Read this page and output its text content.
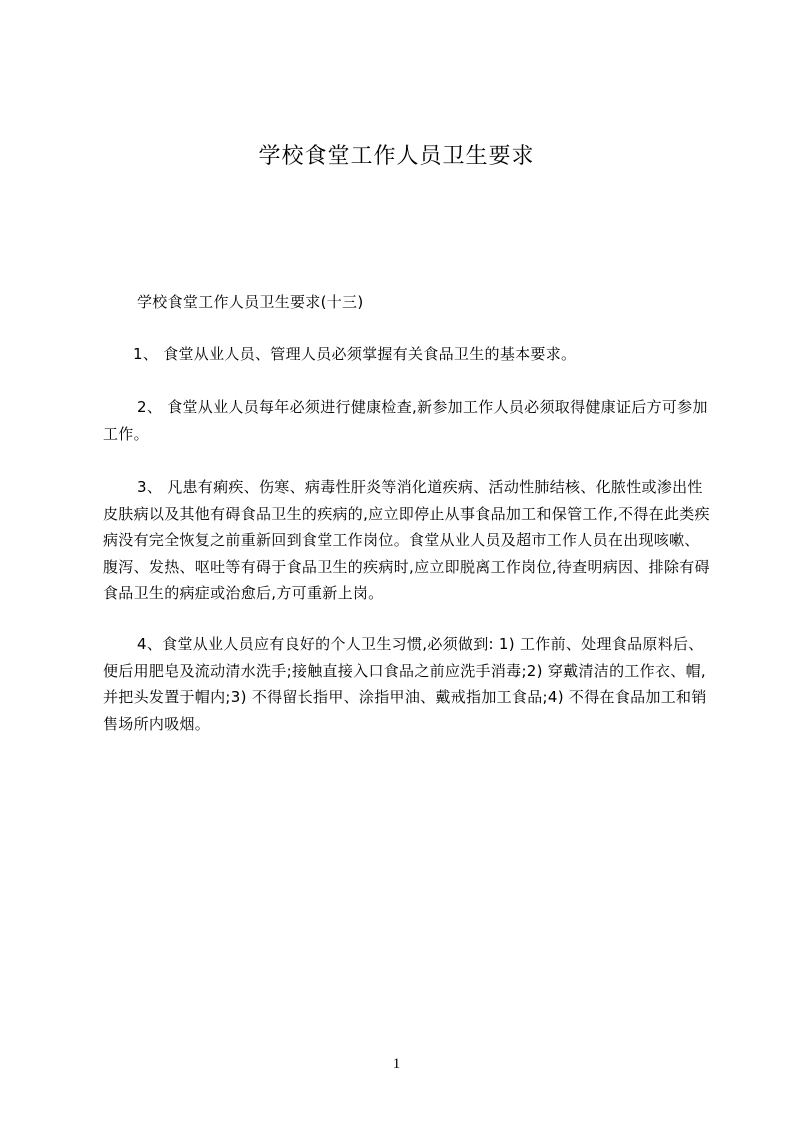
学校食堂工作人员卫生要求

学校食堂工作人员卫生要求(十三)

1、 食堂从业人员、管理人员必须掌握有关食品卫生的基本要求。

2、 食堂从业人员每年必须进行健康检查,新参加工作人员必须取得健康证后方可参加工作。

3、 凡患有痢疾、伤寒、病毒性肝炎等消化道疾病、活动性肺结核、化脓性或渗出性皮肤病以及其他有碍食品卫生的疾病的,应立即停止从事食品加工和保管工作,不得在此类疾病没有完全恢复之前重新回到食堂工作岗位。食堂从业人员及超市工作人员在出现咳嗽、腹泻、发热、呕吐等有碍于食品卫生的疾病时,应立即脱离工作岗位,待查明病因、排除有碍食品卫生的病症或治愈后,方可重新上岗。

4、食堂从业人员应有良好的个人卫生习惯,必须做到: 1) 工作前、处理食品原料后、便后用肥皂及流动清水洗手;接触直接入口食品之前应洗手消毒;2) 穿戴清洁的工作衣、帽,并把头发置于帽内;3) 不得留长指甲、涂指甲油、戴戒指加工食品;4) 不得在食品加工和销售场所内吸烟。

1
